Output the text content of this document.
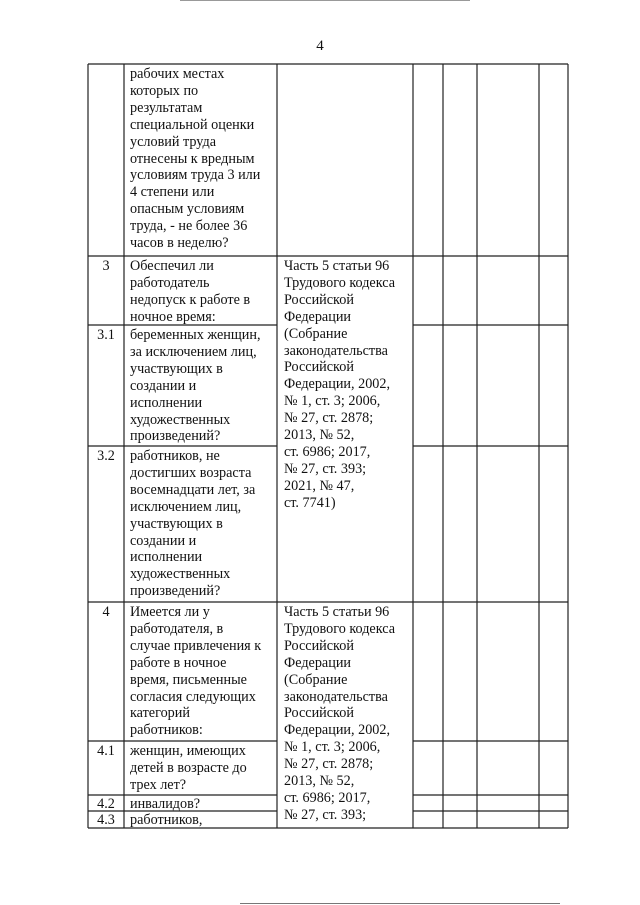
4
рабочих местах
которых по
результатам
специальной оценки
условий труда
отнесены к вредным
условиям труда 3 или
4 степени или
опасным условиям
труда, - не более 36
часов в неделю?
3	Обеспечил ли
работодатель
недопуск к работе в
ночное время:
3.1	беременных женщин,
за исключением лиц,
участвующих в
создании и
исполнении
художественных
произведений?
3.2	работников, не
достигших возраста
восемнадцати лет, за
исключением лиц,
участвующих в
создании и
исполнении
художественных
произведений?
Часть 5 статьи 96
Трудового кодекса
Российской
Федерации
(Собрание
законодательства
Российской
Федерации, 2002,
№ 1, ст. 3; 2006,
№ 27, ст. 2878;
2013, № 52,
ст. 6986; 2017,
№ 27, ст. 393;
2021, № 47,
ст. 7741)
4	Имеется ли у
работодателя, в
случае привлечения к
работе в ночное
время, письменные
согласия следующих
категорий
работников:
4.1	женщин, имеющих
детей в возрасте до
трех лет?
4.2	инвалидов?
4.3	работников,
Часть 5 статьи 96
Трудового кодекса
Российской
Федерации
(Собрание
законодательства
Российской
Федерации, 2002,
№ 1, ст. 3; 2006,
№ 27, ст. 2878;
2013, № 52,
ст. 6986; 2017,
№ 27, ст. 393;
